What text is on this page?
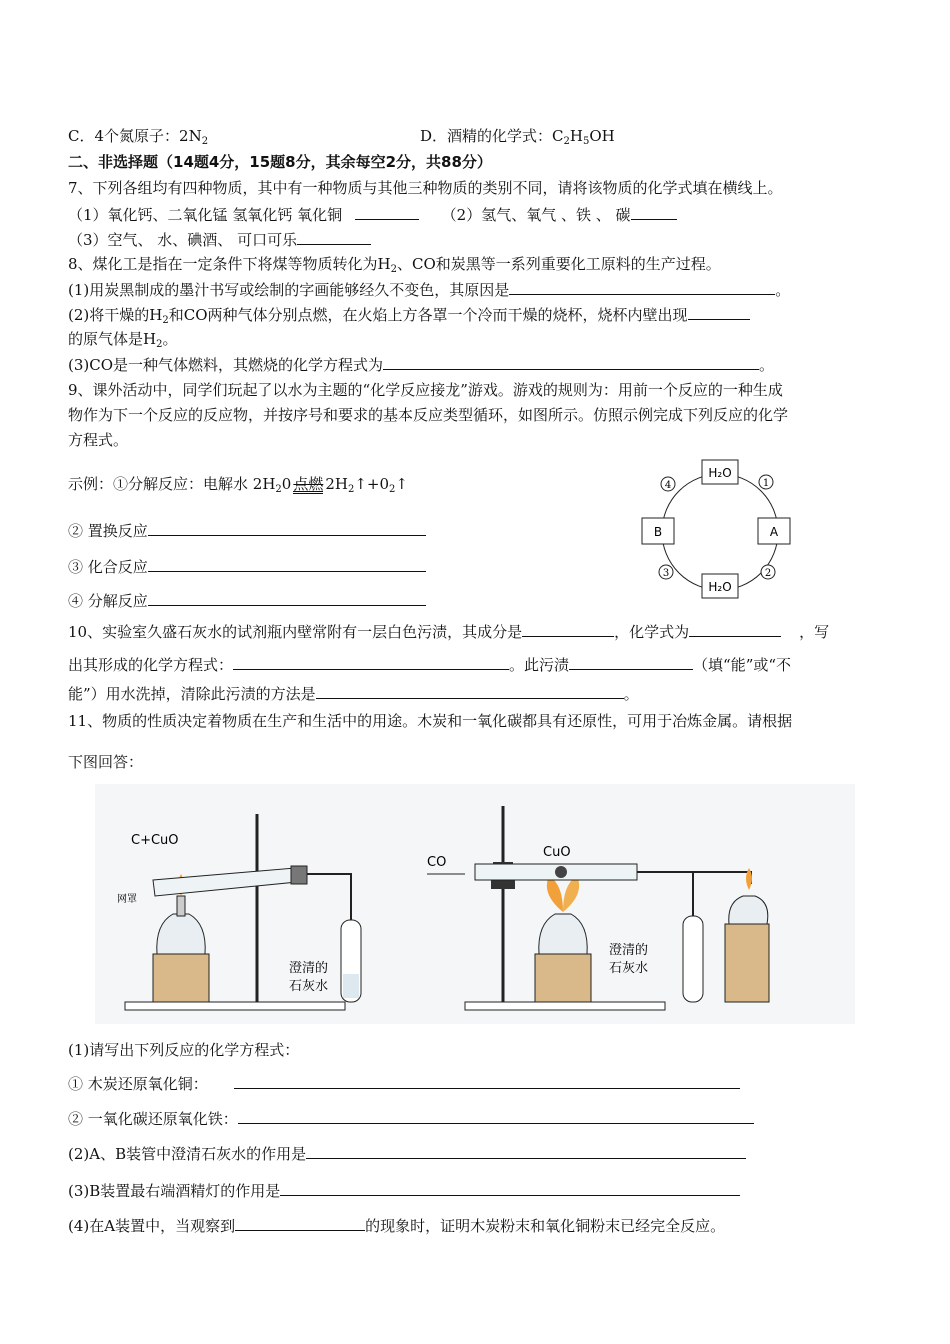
C．4个氮原子：$2N_2$	D．酒精的化学式：$C_2H_5OH$
二、非选择题（14题4分，15题8分，其余每空2分，共88分）
7、下列各组均有四种物质，其中有一种物质与其他三种物质的类别不同，请将该物质的化学式填在横线上。
（1）氧化钙、二氧化锰 氢氧化钙 氧化铜	（2）氢气、氧气 、铁 、 碳
（3）空气、 水、碘酒、 可口可乐
8、煤化工是指在一定条件下将煤等物质转化为$H_2$、CO和炭黑等一系列重要化工原料的生产过程。
(1)用炭黑制成的墨汁书写或绘制的字画能够经久不变色，其原因是	。
(2)将干燥的$H_2$和CO两种气体分别点燃，在火焰上方各罩一个冷而干燥的烧杯，烧杯内壁出现
的原气体是$H_2$。
(3)CO是一种气体燃料，其燃烧的化学方程式为	。
9、课外活动中，同学们玩起了以水为主题的“化学反应接龙”游戏。游戏的规则为：用前一个反应的一种生成
物作为下一个反应的反应物，并按序号和要求的基本反应类型循环，如图所示。仿照示例完成下列反应的化学
方程式。
示例：①分解反应：电解水 $2H_20$ 点燃 $2H_2↑+0_2↑$
② 置换反应
③ 化合反应
④ 分解反应
H₂O
H₂O
B	A
1
2
3
4
10、实验室久盛石灰水的试剂瓶内壁常附有一层白色污渍，其成分是	，化学式为	，写
出其形成的化学方程式：	。此污渍	（填“能”或“不
能”）用水洗掉，清除此污渍的方法是	。
11、物质的性质决定着物质在生产和生活中的用途。木炭和一氧化碳都具有还原性，可用于冶炼金属。请根据
下图回答：
C+CuO
网罩
澄清的
石灰水
CO
CuO
澄清的
石灰水
(1)请写出下列反应的化学方程式：
① 木炭还原氧化铜：
② 一氧化碳还原氧化铁：
(2)A、B装管中澄清石灰水的作用是
(3)B装置最右端酒精灯的作用是
(4)在A装置中，当观察到	的现象时，证明木炭粉末和氧化铜粉末已经完全反应。
